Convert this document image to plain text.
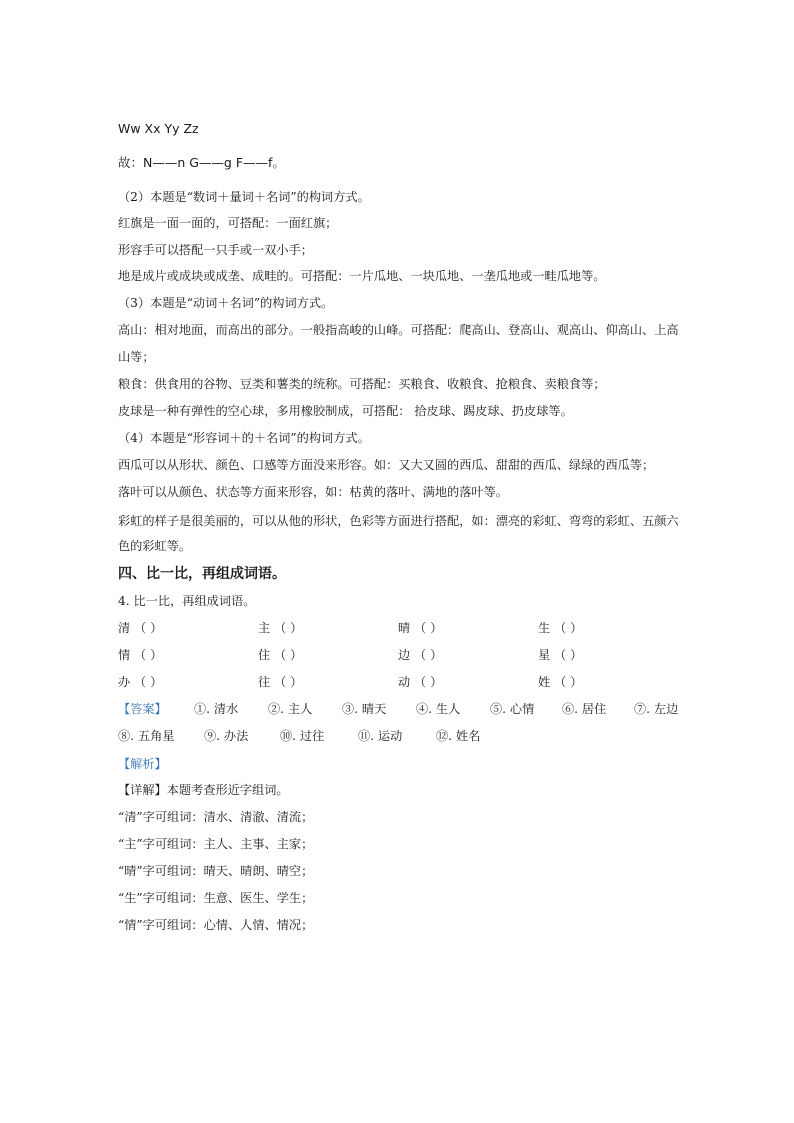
Ww Xx Yy Zz
故：N——n G——g F——f。
（2）本题是“数词＋量词＋名词”的构词方式。
红旗是一面一面的，可搭配：一面红旗；
形容手可以搭配一只手或一双小手；
地是成片或成块或成垄、成畦的。可搭配：一片瓜地、一块瓜地、一垄瓜地或一畦瓜地等。
（3）本题是“动词＋名词”的构词方式。
高山：相对地面，而高出的部分。一般指高峻的山峰。可搭配：爬高山、登高山、观高山、仰高山、上高
山等；
粮食：供食用的谷物、豆类和薯类的统称。可搭配：买粮食、收粮食、抢粮食、卖粮食等；
皮球是一种有弹性的空心球，多用橡胶制成，可搭配： 拾皮球、踢皮球、扔皮球等。
（4）本题是“形容词＋的＋名词”的构词方式。
西瓜可以从形状、颜色、口感等方面没来形容。如：又大又圆的西瓜、甜甜的西瓜、绿绿的西瓜等；
落叶可以从颜色、状态等方面来形容，如：枯黄的落叶、满地的落叶等。
彩虹的样子是很美丽的，可以从他的形状，色彩等方面进行搭配，如：漂亮的彩虹、弯弯的彩虹、五颜六
色的彩虹等。
四、比一比，再组成词语。
4. 比一比，再组成词语。
清 （ ）	主 （ ）	晴 （ ）	生 （ ）
情 （ ）	住 （ ）	边 （ ）	星 （ ）
办 （ ）	往 （ ）	动 （ ）	姓 （ ）
【答案】 ①. 清水 ②. 主人 ③. 晴天 ④. 生人 ⑤. 心情 ⑥. 居住 ⑦. 左边
⑧. 五角星 ⑨. 办法	⑩. 过往	⑪. 运动	⑫. 姓名
【解析】
【详解】本题考查形近字组词。
“清”字可组词：清水、清澈、清流；
“主”字可组词：主人、主事、主家；
“晴”字可组词：晴天、晴朗、晴空；
“生”字可组词：生意、医生、学生；
“情”字可组词：心情、人情、情况；
